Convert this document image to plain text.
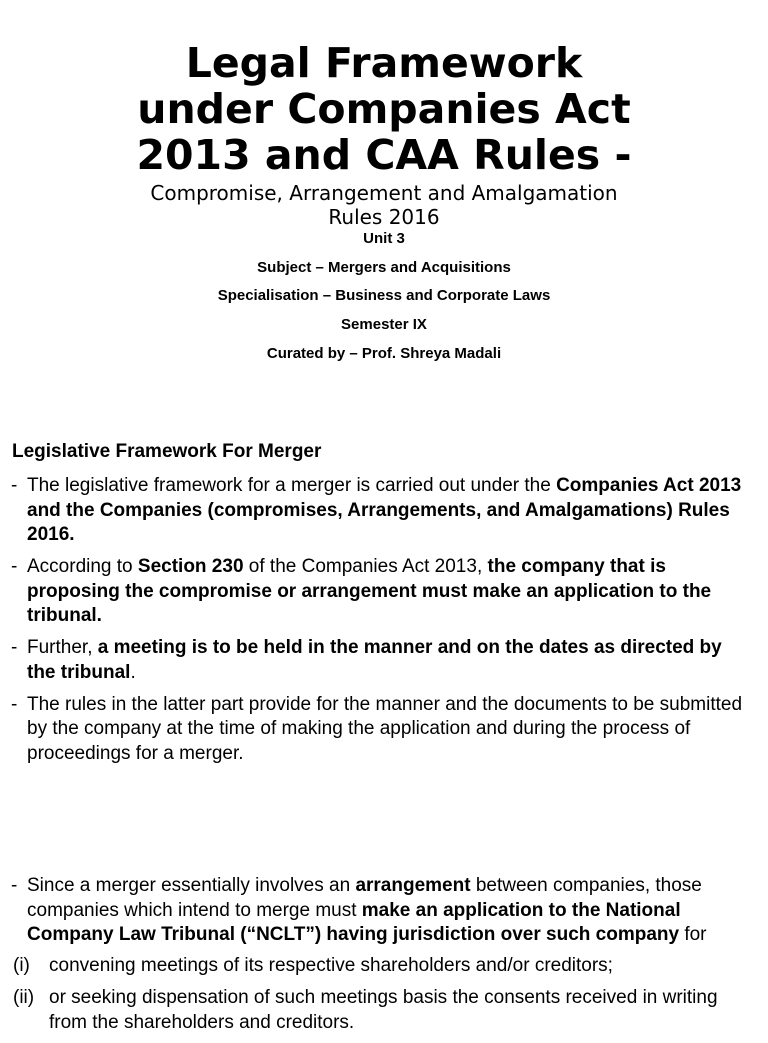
Legal Framework
under Companies Act
2013 and CAA Rules -

Compromise, Arrangement and Amalgamation
Rules 2016

Unit 3
Subject – Mergers and Acquisitions
Specialisation – Business and Corporate Laws
Semester IX
Curated by – Prof. Shreya Madali
Legislative Framework For Merger
- The legislative framework for a merger is carried out under the Companies Act 2013 and the Companies (compromises, Arrangements, and Amalgamations) Rules 2016.
- According to Section 230 of the Companies Act 2013, the company that is proposing the compromise or arrangement must make an application to the tribunal.
- Further, a meeting is to be held in the manner and on the dates as directed by the tribunal.
- The rules in the latter part provide for the manner and the documents to be submitted by the company at the time of making the application and during the process of proceedings for a merger.
- Since a merger essentially involves an arrangement between companies, those companies which intend to merge must make an application to the National Company Law Tribunal (“NCLT”) having jurisdiction over such company for
(i) convening meetings of its respective shareholders and/or creditors;
(ii) or seeking dispensation of such meetings basis the consents received in writing from the shareholders and creditors.
